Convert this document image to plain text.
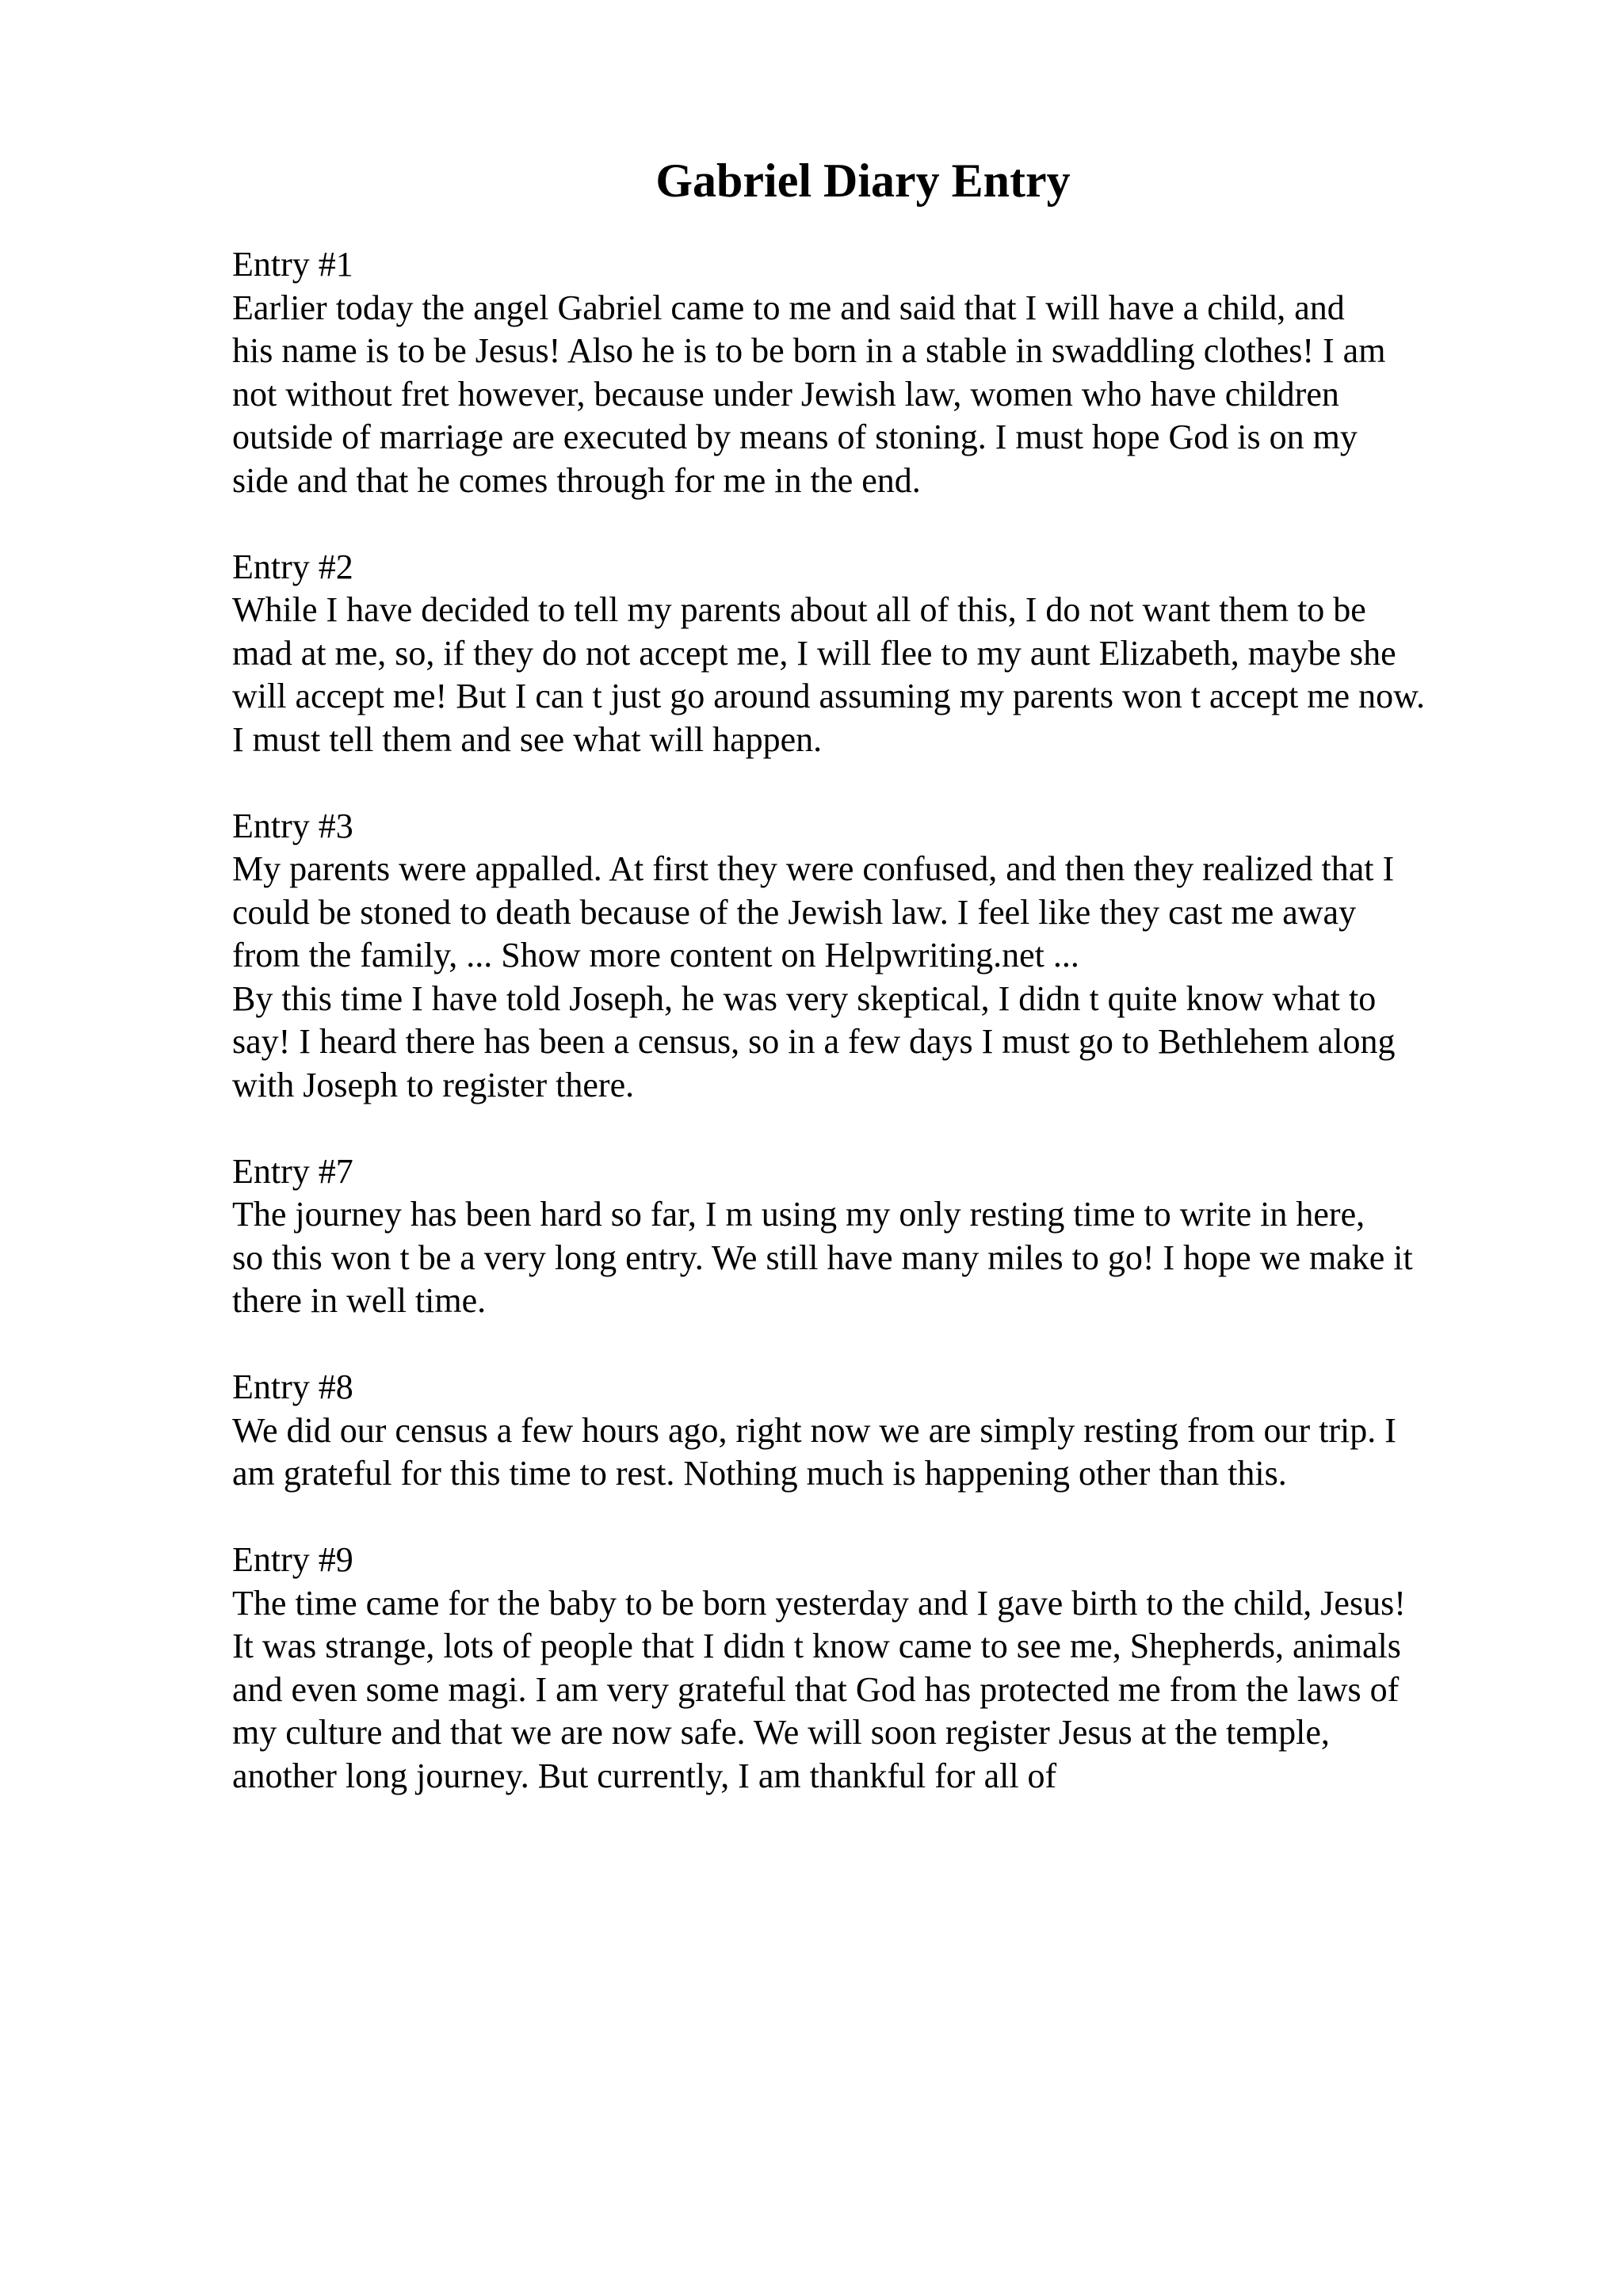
Gabriel Diary Entry
Entry #1
Earlier today the angel Gabriel came to me and said that I will have a child, and
his name is to be Jesus! Also he is to be born in a stable in swaddling clothes! I am
not without fret however, because under Jewish law, women who have children
outside of marriage are executed by means of stoning. I must hope God is on my
side and that he comes through for me in the end.
Entry #2
While I have decided to tell my parents about all of this, I do not want them to be
mad at me, so, if they do not accept me, I will flee to my aunt Elizabeth, maybe she
will accept me! But I can t just go around assuming my parents won t accept me now.
I must tell them and see what will happen.
Entry #3
My parents were appalled. At first they were confused, and then they realized that I
could be stoned to death because of the Jewish law. I feel like they cast me away
from the family, ... Show more content on Helpwriting.net ...
By this time I have told Joseph, he was very skeptical, I didn t quite know what to
say! I heard there has been a census, so in a few days I must go to Bethlehem along
with Joseph to register there.
Entry #7
The journey has been hard so far, I m using my only resting time to write in here,
so this won t be a very long entry. We still have many miles to go! I hope we make it
there in well time.
Entry #8
We did our census a few hours ago, right now we are simply resting from our trip. I
am grateful for this time to rest. Nothing much is happening other than this.
Entry #9
The time came for the baby to be born yesterday and I gave birth to the child, Jesus!
It was strange, lots of people that I didn t know came to see me, Shepherds, animals
and even some magi. I am very grateful that God has protected me from the laws of
my culture and that we are now safe. We will soon register Jesus at the temple,
another long journey. But currently, I am thankful for all of
